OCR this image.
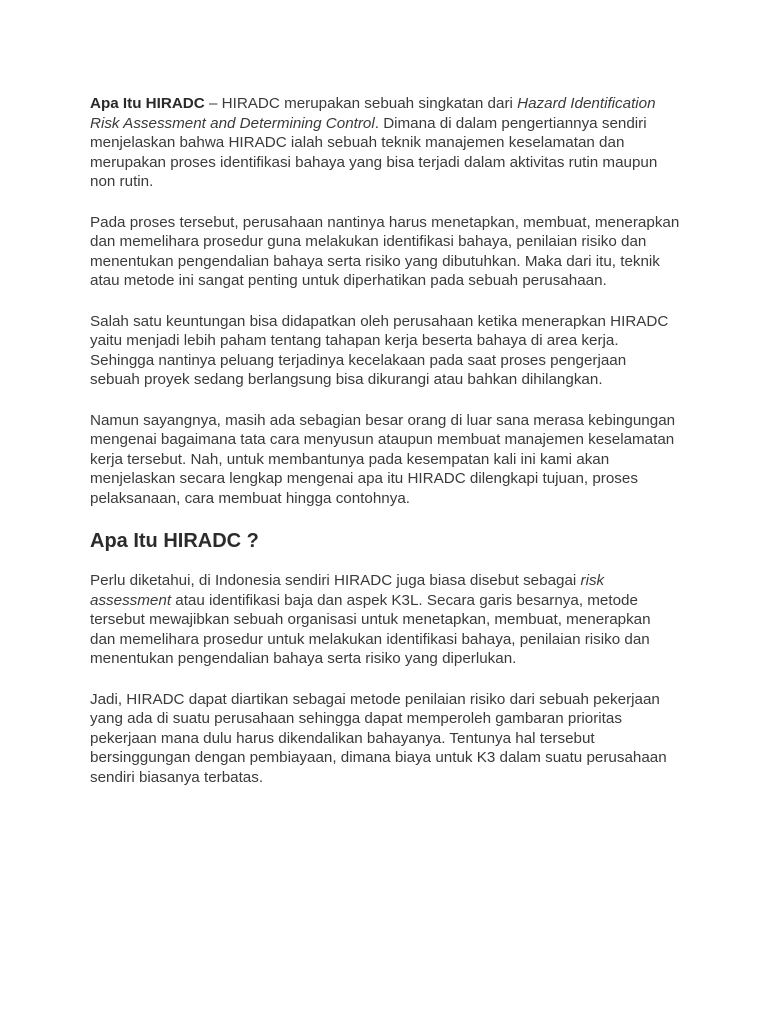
Apa Itu HIRADC – HIRADC merupakan sebuah singkatan dari Hazard Identification Risk Assessment and Determining Control. Dimana di dalam pengertiannya sendiri menjelaskan bahwa HIRADC ialah sebuah teknik manajemen keselamatan dan merupakan proses identifikasi bahaya yang bisa terjadi dalam aktivitas rutin maupun non rutin.

Pada proses tersebut, perusahaan nantinya harus menetapkan, membuat, menerapkan dan memelihara prosedur guna melakukan identifikasi bahaya, penilaian risiko dan menentukan pengendalian bahaya serta risiko yang dibutuhkan. Maka dari itu, teknik atau metode ini sangat penting untuk diperhatikan pada sebuah perusahaan.

Salah satu keuntungan bisa didapatkan oleh perusahaan ketika menerapkan HIRADC yaitu menjadi lebih paham tentang tahapan kerja beserta bahaya di area kerja. Sehingga nantinya peluang terjadinya kecelakaan pada saat proses pengerjaan sebuah proyek sedang berlangsung bisa dikurangi atau bahkan dihilangkan.

Namun sayangnya, masih ada sebagian besar orang di luar sana merasa kebingungan mengenai bagaimana tata cara menyusun ataupun membuat manajemen keselamatan kerja tersebut. Nah, untuk membantunya pada kesempatan kali ini kami akan menjelaskan secara lengkap mengenai apa itu HIRADC dilengkapi tujuan, proses pelaksanaan, cara membuat hingga contohnya.

Apa Itu HIRADC ?

Perlu diketahui, di Indonesia sendiri HIRADC juga biasa disebut sebagai risk assessment atau identifikasi baja dan aspek K3L. Secara garis besarnya, metode tersebut mewajibkan sebuah organisasi untuk menetapkan, membuat, menerapkan dan memelihara prosedur untuk melakukan identifikasi bahaya, penilaian risiko dan menentukan pengendalian bahaya serta risiko yang diperlukan.

Jadi, HIRADC dapat diartikan sebagai metode penilaian risiko dari sebuah pekerjaan yang ada di suatu perusahaan sehingga dapat memperoleh gambaran prioritas pekerjaan mana dulu harus dikendalikan bahayanya. Tentunya hal tersebut bersinggungan dengan pembiayaan, dimana biaya untuk K3 dalam suatu perusahaan sendiri biasanya terbatas.
